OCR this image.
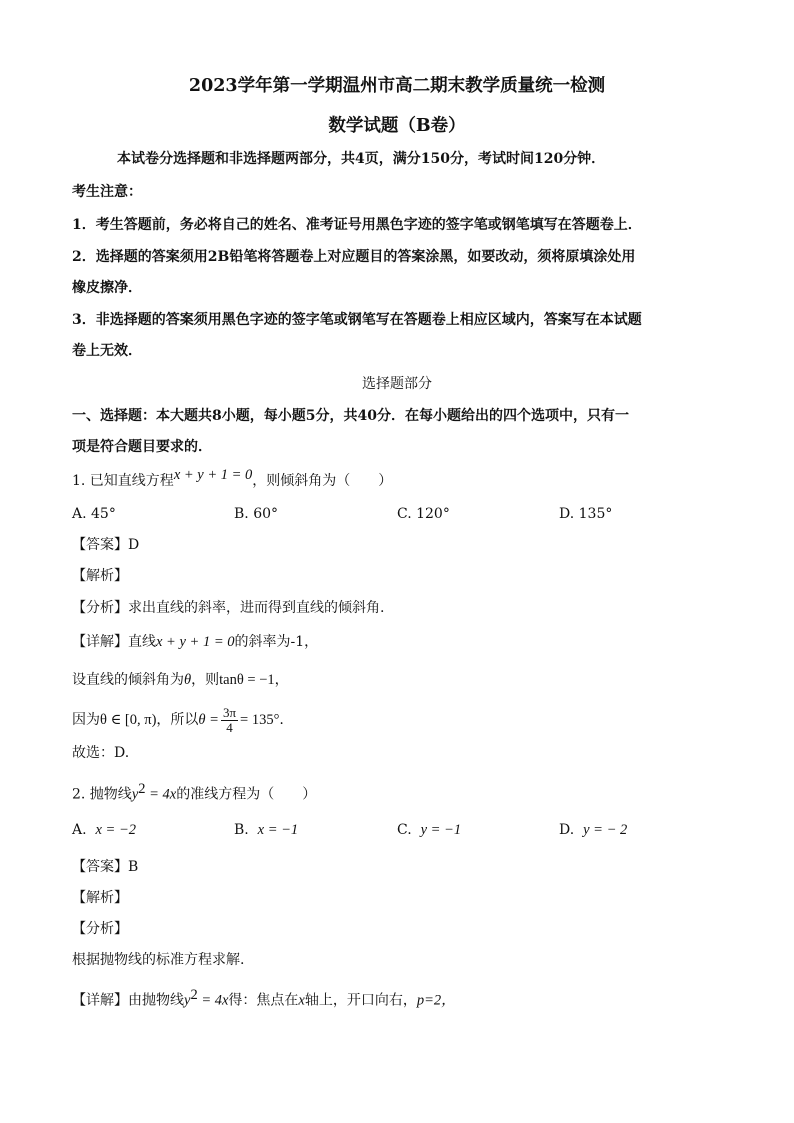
2023学年第一学期温州市高二期末教学质量统一检测
数学试题（B卷）
本试卷分选择题和非选择题两部分，共4页，满分150分，考试时间120分钟．
考生注意：
1．考生答题前，务必将自己的姓名、准考证号用黑色字迹的签字笔或钢笔填写在答题卷上．
2．选择题的答案须用2B铅笔将答题卷上对应题目的答案涂黑，如要改动，须将原填涂处用
橡皮擦净．
3．非选择题的答案须用黑色字迹的签字笔或钢笔写在答题卷上相应区域内，答案写在本试题
卷上无效．
选择题部分
一、选择题：本大题共8小题，每小题5分，共40分．在每小题给出的四个选项中，只有一
项是符合题目要求的．
1. 已知直线方程x + y + 1 = 0，则倾斜角为（　　）
A. 45°	B. 60°	C. 120°	D. 135°
【答案】D
【解析】
【分析】求出直线的斜率，进而得到直线的倾斜角.
【详解】直线x + y + 1 = 0的斜率为-1，
设直线的倾斜角为θ，则tanθ = −1，
因为θ ∈ [0, π)，所以$\theta = \frac{3\pi}{4} = 135^\circ$.
故选：D.
2. 抛物线$y^2 = 4x$的准线方程为（　　）
A. x = −2	B. x = −1	C. y = −1	D. y = − 2
【答案】B
【解析】
【分析】
根据抛物线的标准方程求解.
【详解】由抛物线$y^2 = 4x$得：焦点在x轴上，开口向右，p=2，
